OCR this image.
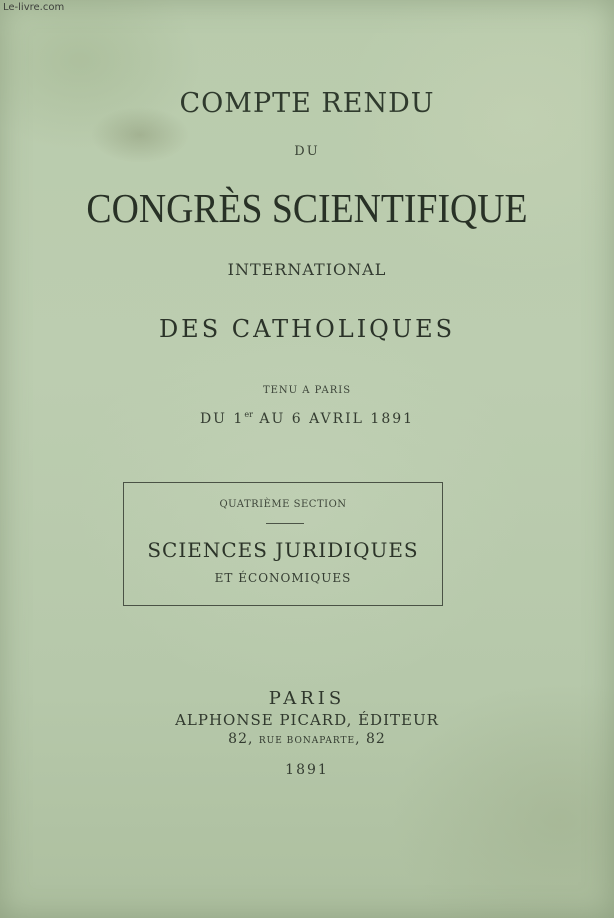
Le-livre.com
COMPTE RENDU
DU
CONGRÈS SCIENTIFIQUE
INTERNATIONAL
DES CATHOLIQUES
TENU A PARIS
DU 1er AU 6 AVRIL 1891
QUATRIÈME SECTION
SCIENCES JURIDIQUES
ET ÉCONOMIQUES
PARIS
ALPHONSE PICARD, ÉDITEUR
82, RUE BONAPARTE, 82
1891
